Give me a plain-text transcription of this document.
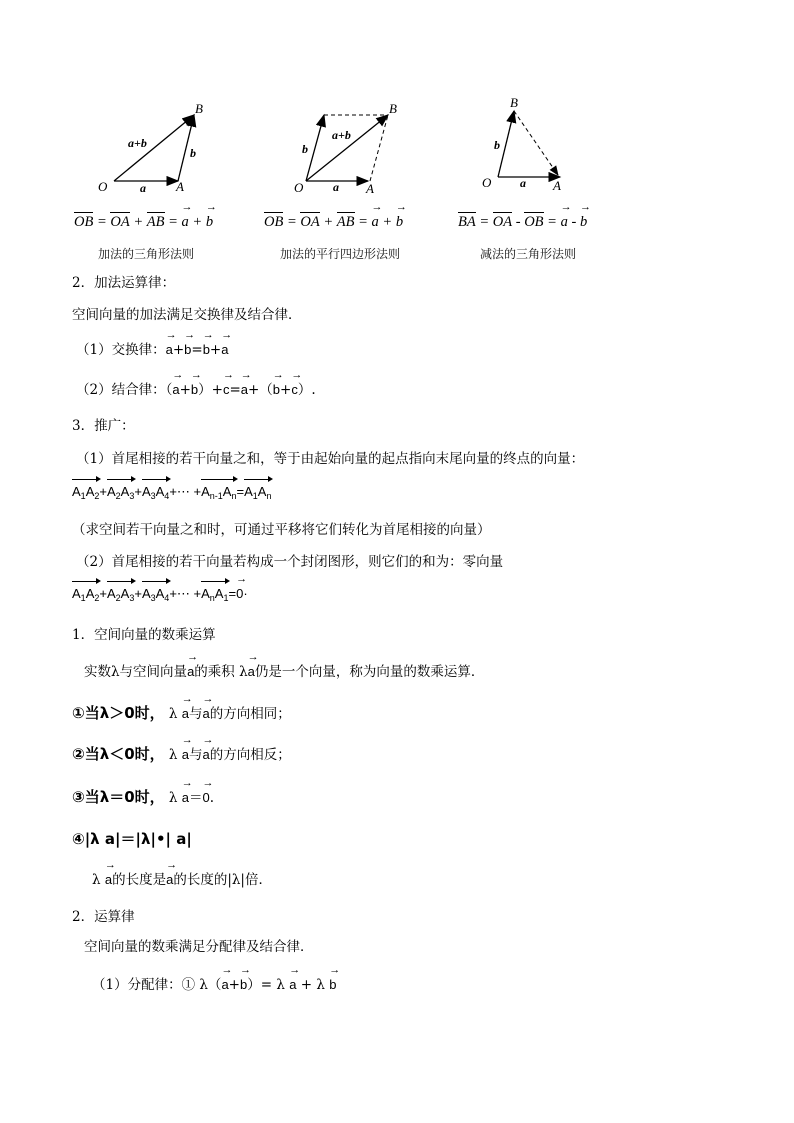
O	A
B
a+b
b
a	O	A
B
a+b
b
a	O	A
B
b
a
OB = OA + AB = → a + → b	OB = OA + AB = → a + → b	BA = OA - OB = → a - → b
加法的三角形法则	加法的平行四边形法则	减法的三角形法则
2．加法运算律：
空间向量的加法满足交换律及结合律．
（1）交换律：→ a+→ b=→ b+→ a
（2）结合律：（→ a+→ b）+→ c=→ a+（→ b+→ c）.
3．推广：
（1）首尾相接的若干向量之和，等于由起始向量的起点指向末尾向量的终点的向量：
$A_1A_2+A_2A_3+A_3A_4+\cdots +A_{n-1}A_n=A_1A_n$
（求空间若干向量之和时，可通过平移将它们转化为首尾相接的向量）
（2）首尾相接的若干向量若构成一个封闭图形，则它们的和为：零向量
$A_1A_2+A_2A_3+A_3A_4+\cdots +A_nA_1=\to 0\cdot$
1．空间向量的数乘运算
实数λ与空间向量→ a的乘积 λ→ a仍是一个向量，称为向量的数乘运算．
①当λ＞0时， λ → a与→ a的方向相同；
②当λ＜0时， λ → a与→ a的方向相反；
③当λ＝0时， λ → a＝→ 0.
④|λ a|＝|λ|•| a|
λ → a的长度是→ a的长度的|λ|倍．
2．运算律
空间向量的数乘满足分配律及结合律．
（1）分配律：① λ（→ a+→ b）= λ → a + λ → b
